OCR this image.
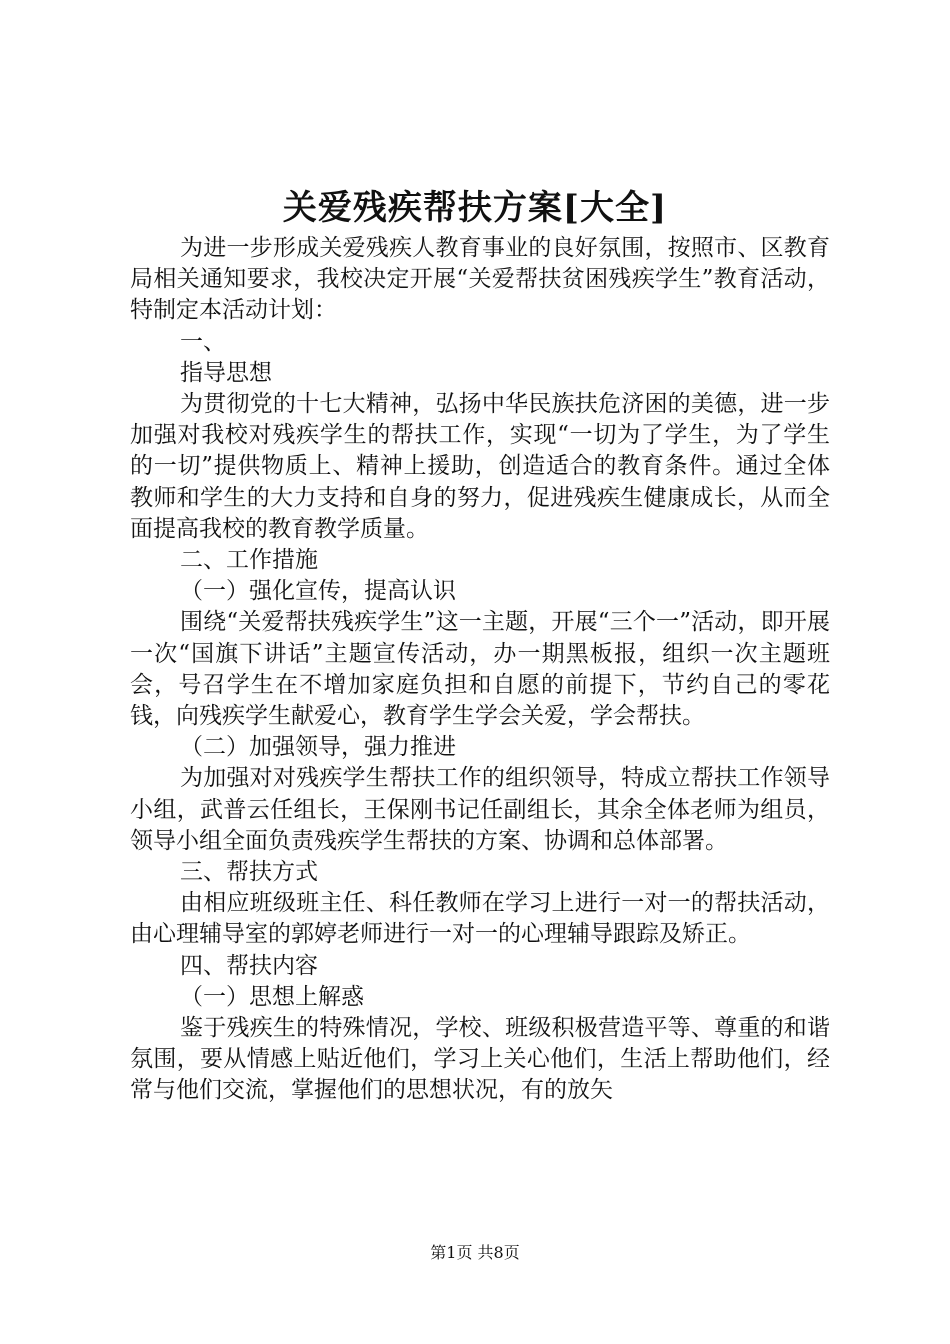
关爱残疾帮扶方案[大全]

为进一步形成关爱残疾人教育事业的良好氛围，按照市、区教育局相关通知要求，我校决定开展“关爱帮扶贫困残疾学生”教育活动，特制定本活动计划：

一、

指导思想

为贯彻党的十七大精神，弘扬中华民族扶危济困的美德，进一步加强对我校对残疾学生的帮扶工作，实现“一切为了学生，为了学生的一切”提供物质上、精神上援助，创造适合的教育条件。通过全体教师和学生的大力支持和自身的努力，促进残疾生健康成长，从而全面提高我校的教育教学质量。

二、工作措施

（一）强化宣传，提高认识

围绕“关爱帮扶残疾学生”这一主题，开展“三个一”活动，即开展一次“国旗下讲话”主题宣传活动，办一期黑板报，组织一次主题班会，号召学生在不增加家庭负担和自愿的前提下，节约自己的零花钱，向残疾学生献爱心，教育学生学会关爱，学会帮扶。

（二）加强领导，强力推进

为加强对对残疾学生帮扶工作的组织领导，特成立帮扶工作领导小组，武普云任组长，王保刚书记任副组长，其余全体老师为组员，领导小组全面负责残疾学生帮扶的方案、协调和总体部署。

三、帮扶方式

由相应班级班主任、科任教师在学习上进行一对一的帮扶活动，由心理辅导室的郭婷老师进行一对一的心理辅导跟踪及矫正。

四、帮扶内容

（一）思想上解惑

鉴于残疾生的特殊情况，学校、班级积极营造平等、尊重的和谐氛围，要从情感上贴近他们，学习上关心他们，生活上帮助他们，经常与他们交流，掌握他们的思想状况，有的放矢

第1页 共8页
